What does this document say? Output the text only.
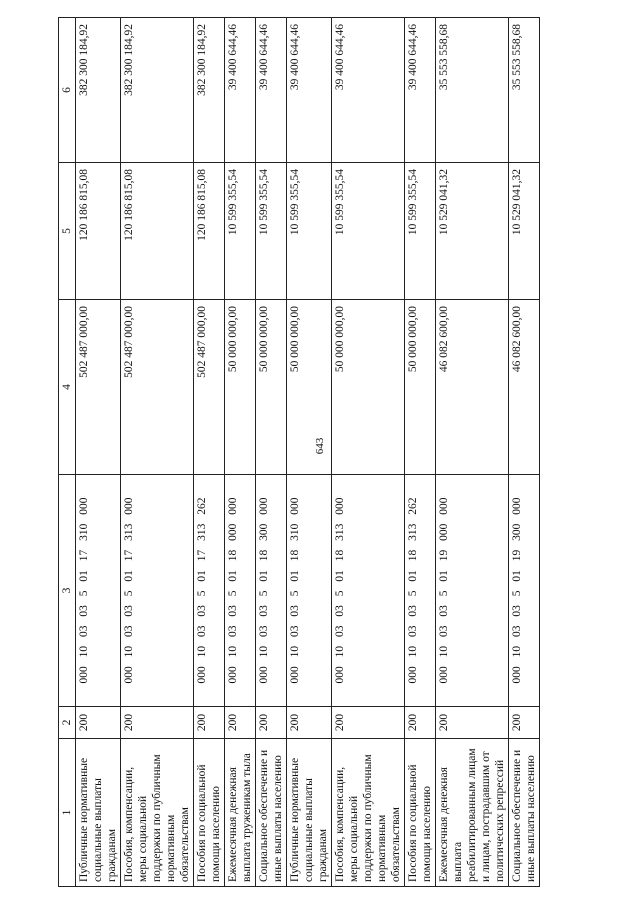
643
1	2	3	4	5	6
Публичные нормативные социальные выплаты гражданам	200	000 10 03 03 5 01 17 310 000	502 487 000,00	120 186 815,08	382 300 184,92
Пособия, компенсации, меры социальной поддержки по публичным нормативным обязательствам	200	000 10 03 03 5 01 17 313 000	502 487 000,00	120 186 815,08	382 300 184,92
Пособия по социальной помощи населению	200	000 10 03 03 5 01 17 313 262	502 487 000,00	120 186 815,08	382 300 184,92
Ежемесячная денежная выплата труженикам тыла	200	000 10 03 03 5 01 18 000 000	50 000 000,00	10 599 355,54	39 400 644,46
Социальное обеспечение и иные выплаты населению	200	000 10 03 03 5 01 18 300 000	50 000 000,00	10 599 355,54	39 400 644,46
Публичные нормативные социальные выплаты гражданам	200	000 10 03 03 5 01 18 310 000	50 000 000,00	10 599 355,54	39 400 644,46
Пособия, компенсации, меры социальной поддержки по публичным нормативным обязательствам	200	000 10 03 03 5 01 18 313 000	50 000 000,00	10 599 355,54	39 400 644,46
Пособия по социальной помощи населению	200	000 10 03 03 5 01 18 313 262	50 000 000,00	10 599 355,54	39 400 644,46
Ежемесячная денежная выплата реабилитированным лицам и лицам, пострадавшим от политических репрессий	200	000 10 03 03 5 01 19 000 000	46 082 600,00	10 529 041,32	35 553 558,68
Социальное обеспечение и иные выплаты населению	200	000 10 03 03 5 01 19 300 000	46 082 600,00	10 529 041,32	35 553 558,68
